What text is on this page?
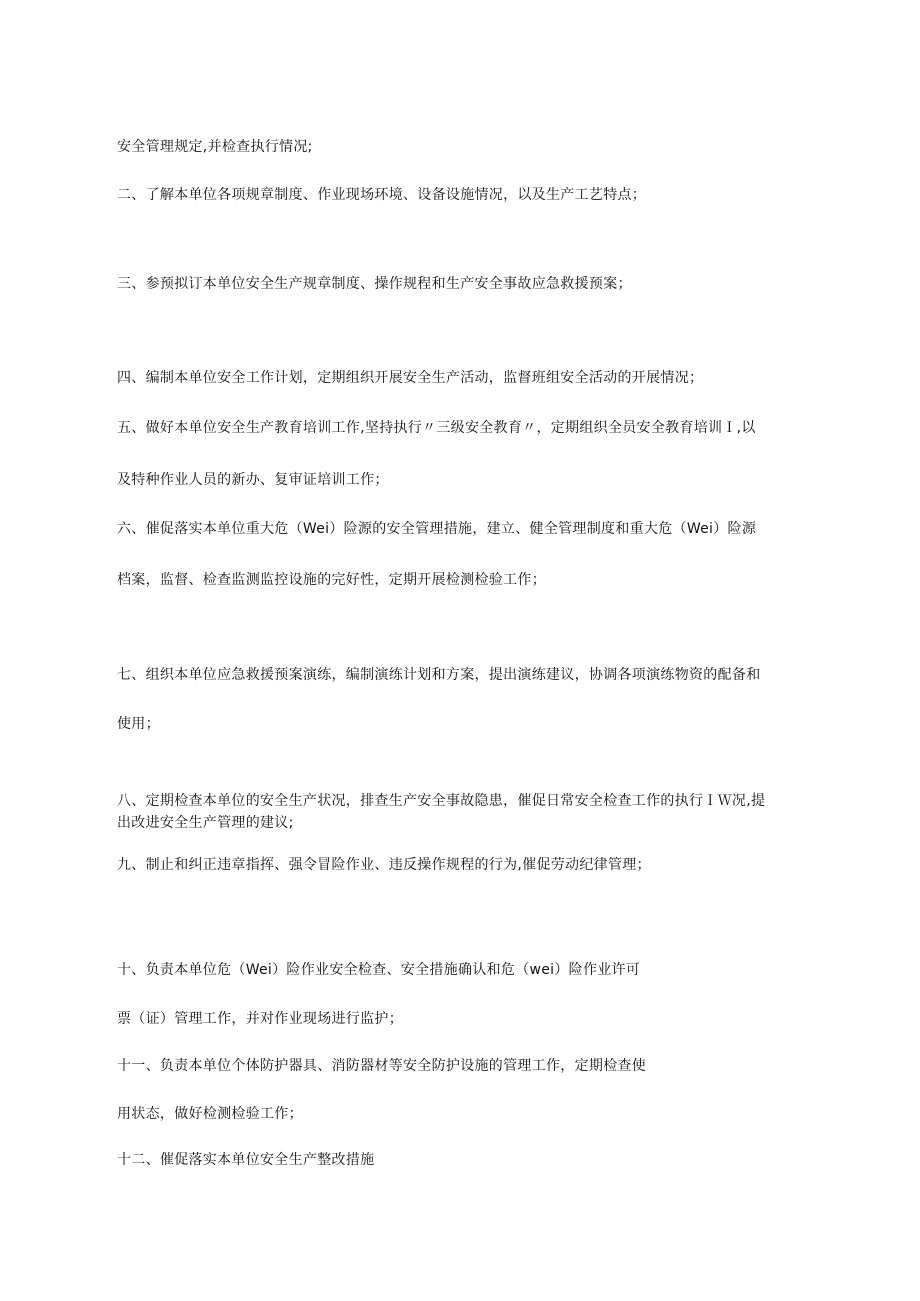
安全管理规定,并检查执行情况;
二、了解本单位各项规章制度、作业现场环境、设备设施情况，以及生产工艺特点；
三、参预拟订本单位安全生产规章制度、操作规程和生产安全事故应急救援预案；
四、编制本单位安全工作计划，定期组织开展安全生产活动，监督班组安全活动的开展情况；
五、做好本单位安全生产教育培训工作,坚持执行〃三级安全教育〃，定期组织全员安全教育培训Ｉ,以
及特种作业人员的新办、复审证培训工作；
六、催促落实本单位重大危（Wei）险源的安全管理措施，建立、健全管理制度和重大危（Wei）险源
档案，监督、检查监测监控设施的完好性，定期开展检测检验工作；
七、组织本单位应急救援预案演练，编制演练计划和方案，提出演练建议，协调各项演练物资的配备和
使用；
八、定期检查本单位的安全生产状况，排查生产安全事故隐患，催促日常安全检查工作的执行ＩＷ况,提
出改进安全生产管理的建议;
九、制止和纠正违章指挥、强令冒险作业、违反操作规程的行为,催促劳动纪律管理；
十、负责本单位危（Wei）险作业安全检查、安全措施确认和危（wei）险作业许可
票（证）管理工作，并对作业现场进行监护；
十一、负责本单位个体防护器具、消防器材等安全防护设施的管理工作，定期检查使
用状态，做好检测检验工作；
十二、催促落实本单位安全生产整改措施
